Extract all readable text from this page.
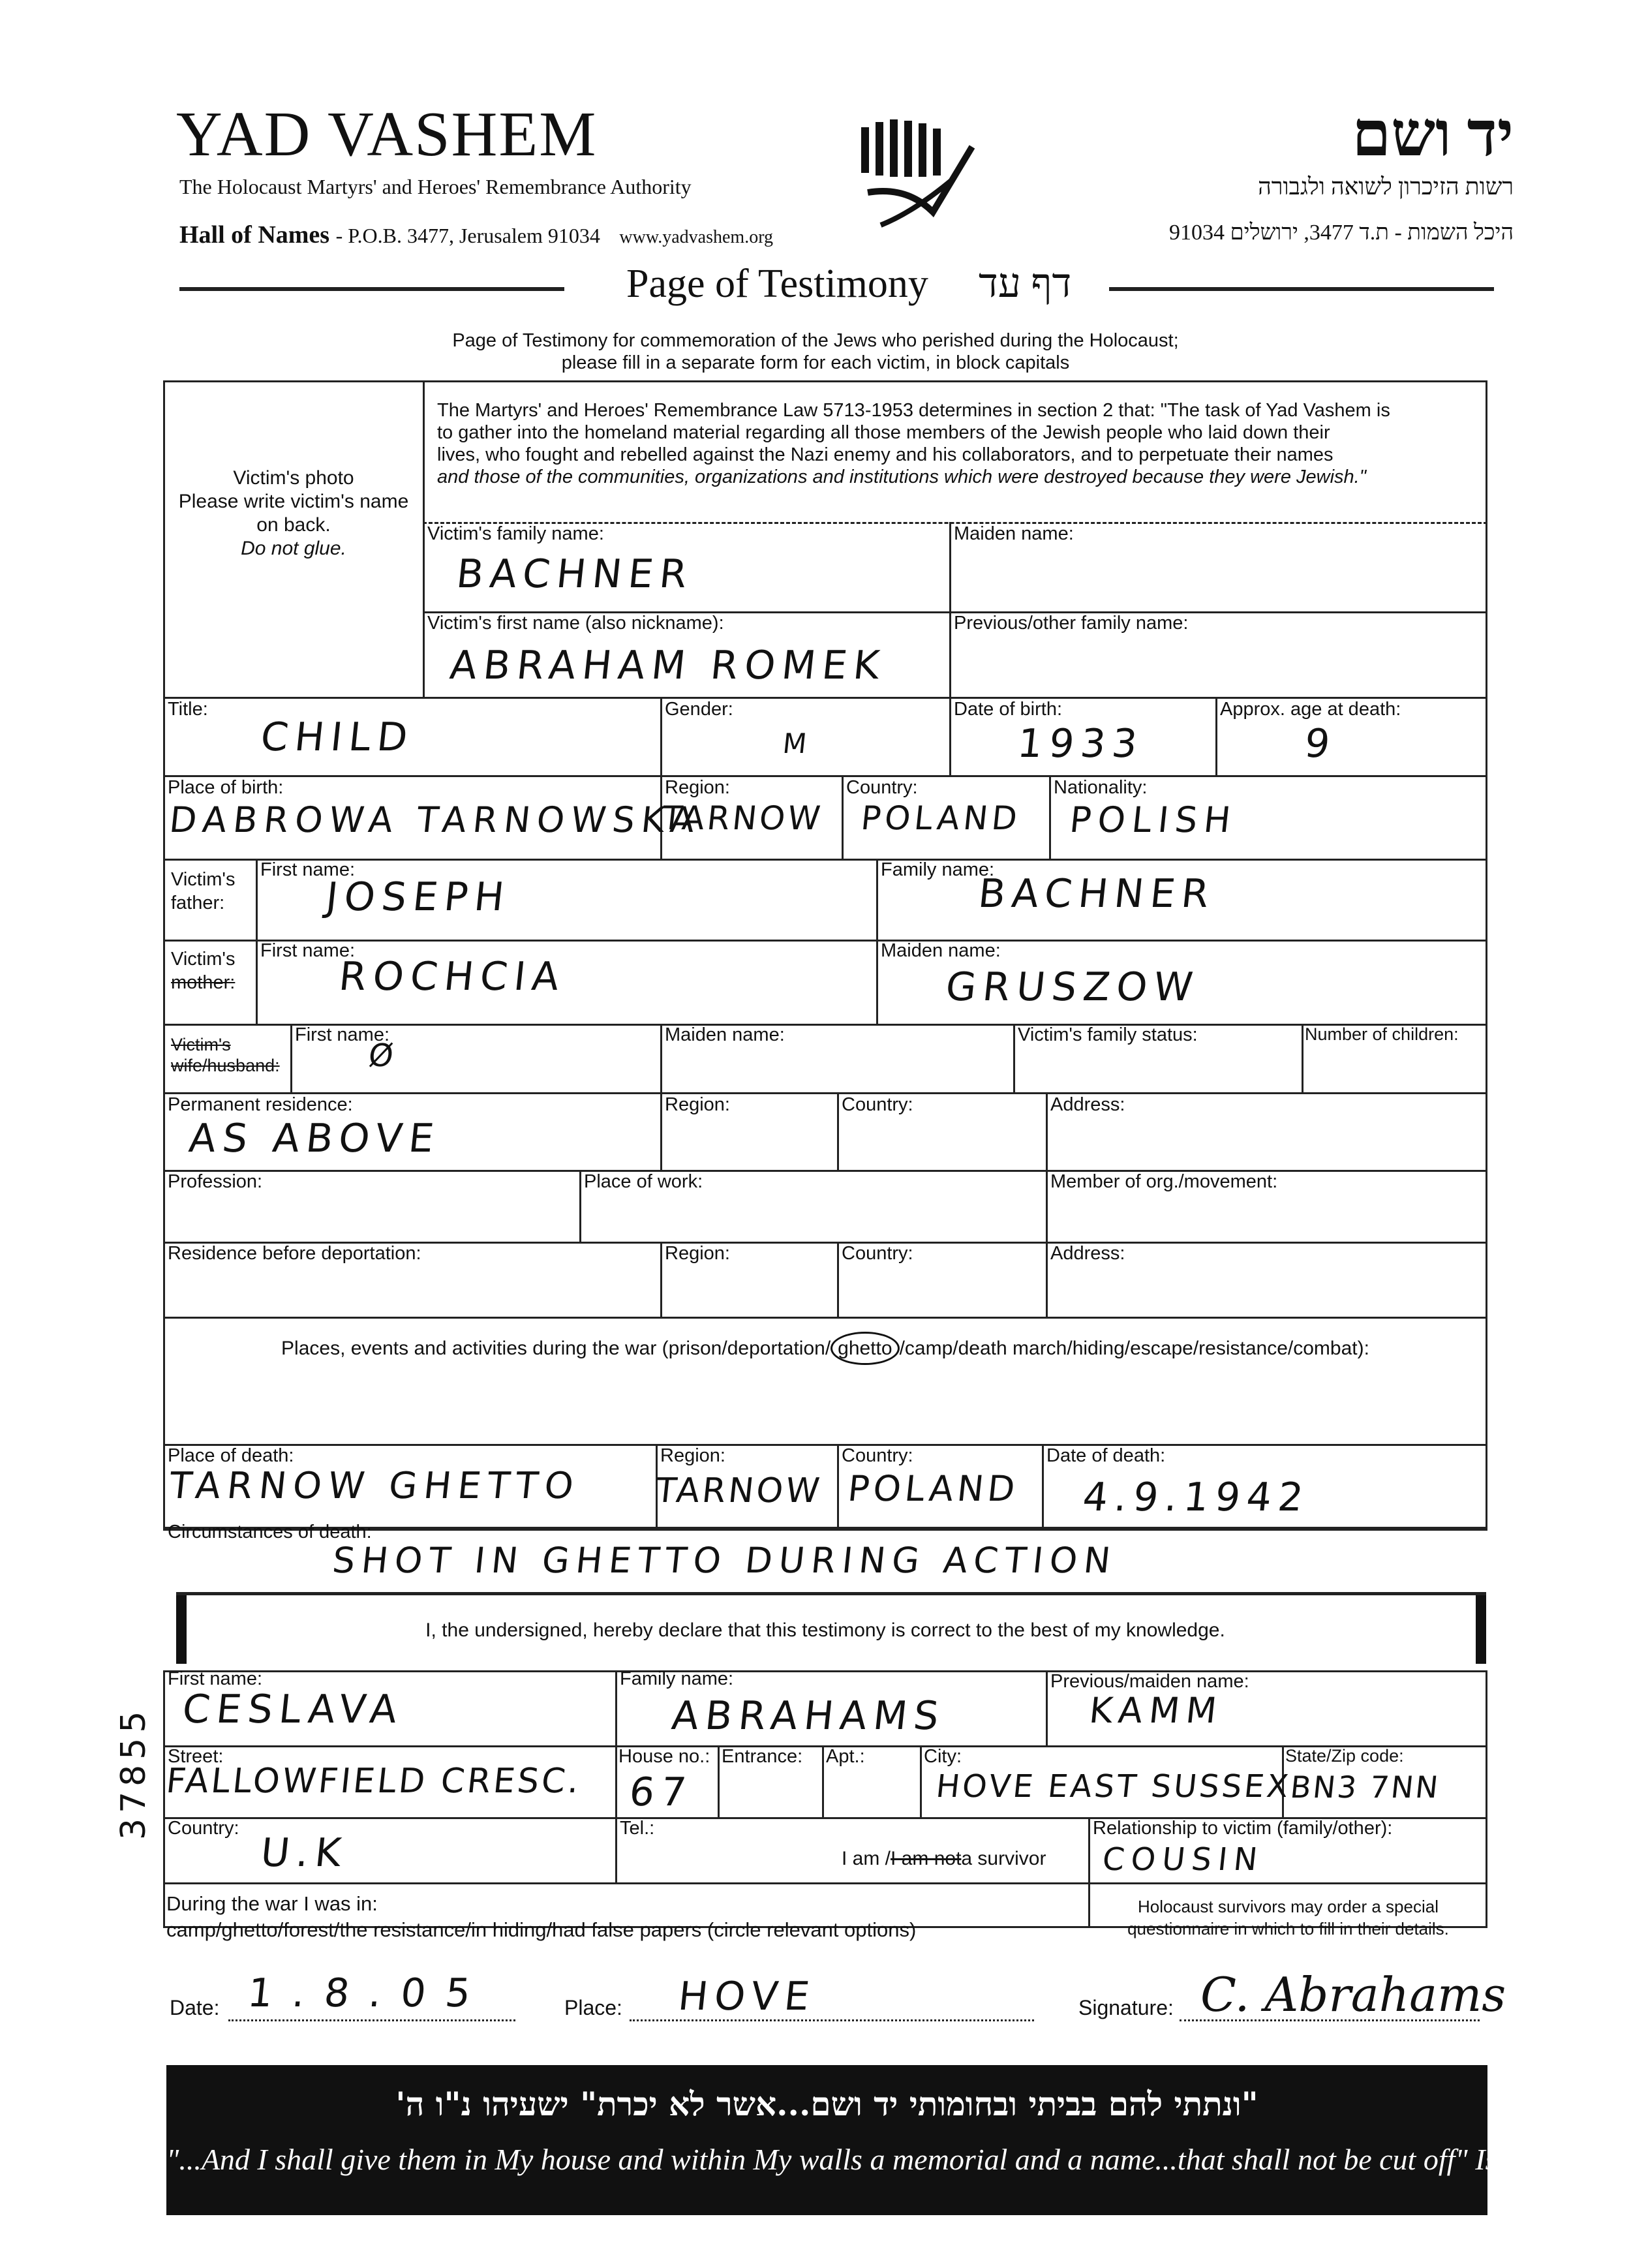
YAD VASHEM
The Holocaust Martyrs' and Heroes' Remembrance Authority
Hall of Names - P.O.B. 3477, Jerusalem 91034 www.yadvashem.org
יד ושם
רשות הזיכרון לשואה ולגבורה
היכל השמות - ת.ד 3477, ירושלים 91034
Page of Testimony דף עד
Page of Testimony for commemoration of the Jews who perished during the Holocaust;
please fill in a separate form for each victim, in block capitals
Victim's photo
Please write victim's name
on back.
Do not glue.
The Martyrs' and Heroes' Remembrance Law 5713-1953 determines in section 2 that: "The task of Yad Vashem is
to gather into the homeland material regarding all those members of the Jewish people who laid down their
lives, who fought and rebelled against the Nazi enemy and his collaborators, and to perpetuate their names
and those of the communities, organizations and institutions which were destroyed because they were Jewish."
Victim's family name:
BACHNER
Maiden name:
Victim's first name (also nickname):
ABRAHAM ROMEK
Previous/other family name:
Title:
CHILD
Gender:
M
Date of birth:
1933
Approx. age at death:
9
Place of birth:
DABROWA TARNOWSKA
Region:
TARNOW
Country:
POLAND
Nationality:
POLISH
Victim's
father:
First name:
JOSEPH
Family name:
BACHNER
Victim's
mother:
First name:
ROCHCIA
Maiden name:
GRUSZOW
Victim's
wife/husband:
First name:
Ø
Maiden name:	Victim's family status:	Number of children:
Permanent residence:
AS ABOVE
Region:	Country:	Address:
Profession:	Place of work:	Member of org./movement:
Residence before deportation:	Region:	Country:	Address:
Places, events and activities during the war (prison/deportation/ ghetto /camp/death march/hiding/escape/resistance/combat):
Place of death:
TARNOW GHETTO
Region:
TARNOW
Country:
POLAND
Date of death:
4.9.1942
Circumstances of death:
SHOT IN GHETTO DURING ACTION
I, the undersigned, hereby declare that this testimony is correct to the best of my knowledge.
First name:
CESLAVA
Family name:
ABRAHAMS
Previous/maiden name:
KAMM
Street:
FALLOWFIELD CRESC.
House no.:
67
Entrance: Apt.:	City:
HOVE EAST SUSSEX
State/Zip code:
BN3 7NN
Country:
U.K
Tel.:
I am /I am nota survivor
Relationship to victim (family/other):
COUSIN
During the war I was in:
camp/ghetto/forest/the resistance/in hiding/had false papers (circle relevant options)
Holocaust survivors may order a special
questionnaire in which to fill in their details.
37855
Date: 1.8.05	Place: HOVE	Signature: C. Abrahams
"ונתתי להם בביתי ובחומותי יד ושם...אשר לא יכרת" ישעיהו נ"ו ה'
"...And I shall give them in My house and within My walls a memorial and a name...that shall not be cut off" Isaiah 56:5
